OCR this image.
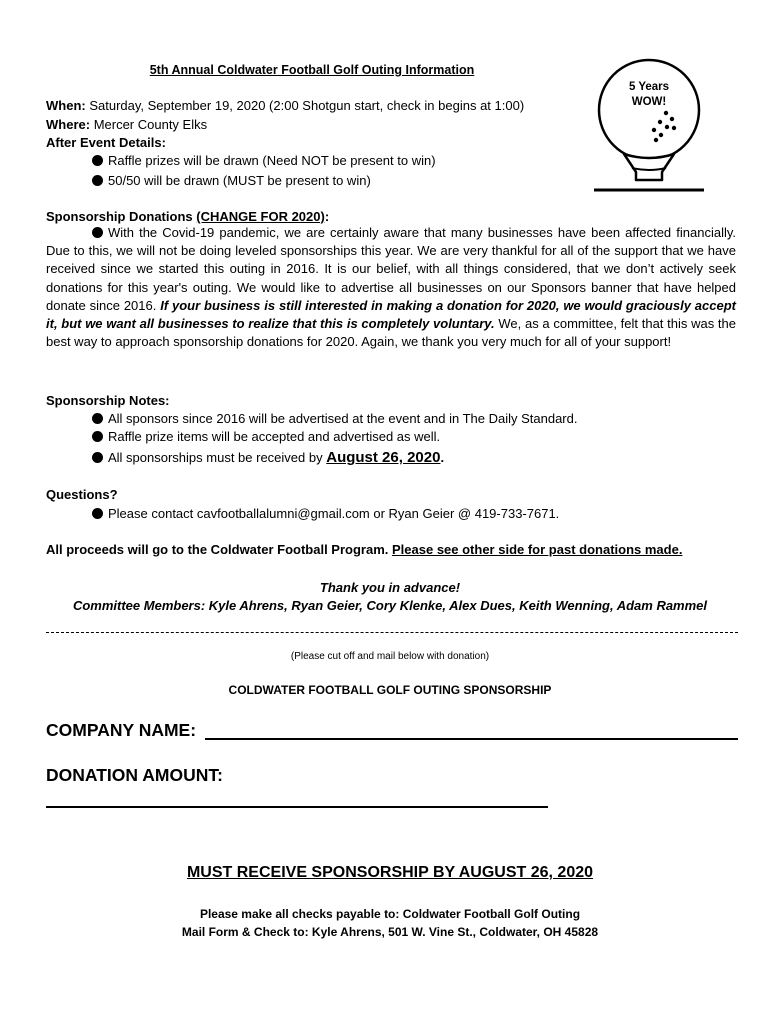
5th Annual Coldwater Football Golf Outing Information
5 Years
WOW!
When: Saturday, September 19, 2020 (2:00 Shotgun start, check in begins at 1:00)
Where: Mercer County Elks
After Event Details:
Raffle prizes will be drawn (Need NOT be present to win)
50/50 will be drawn (MUST be present to win)
Sponsorship Donations (CHANGE FOR 2020):

With the Covid-19 pandemic, we are certainly aware that many businesses have been affected financially. Due to this, we will not be doing leveled sponsorships this year. We are very thankful for all of the support that we have received since we started this outing in 2016. It is our belief, with all things considered, that we don’t actively seek donations for this year's outing. We would like to advertise all businesses on our Sponsors banner that have helped donate since 2016. If your business is still interested in making a donation for 2020, we would graciously accept it, but we want all businesses to realize that this is completely voluntary. We, as a committee, felt that this was the best way to approach sponsorship donations for 2020. Again, we thank you very much for all of your support!

Sponsorship Notes:
All sponsors since 2016 will be advertised at the event and in The Daily Standard.
Raffle prize items will be accepted and advertised as well.
All sponsorships must be received by August 26, 2020.
Questions?
Please contact cavfootballalumni@gmail.com or Ryan Geier @ 419-733-7671.
All proceeds will go to the Coldwater Football Program. Please see other side for past donations made.
Thank you in advance!
Committee Members: Kyle Ahrens, Ryan Geier, Cory Klenke, Alex Dues, Keith Wenning, Adam Rammel
(Please cut off and mail below with donation)
COLDWATER FOOTBALL GOLF OUTING SPONSORSHIP
COMPANY NAME:
DONATION AMOUNT:
MUST RECEIVE SPONSORSHIP BY AUGUST 26, 2020
Please make all checks payable to: Coldwater Football Golf Outing
Mail Form & Check to: Kyle Ahrens, 501 W. Vine St., Coldwater, OH 45828
